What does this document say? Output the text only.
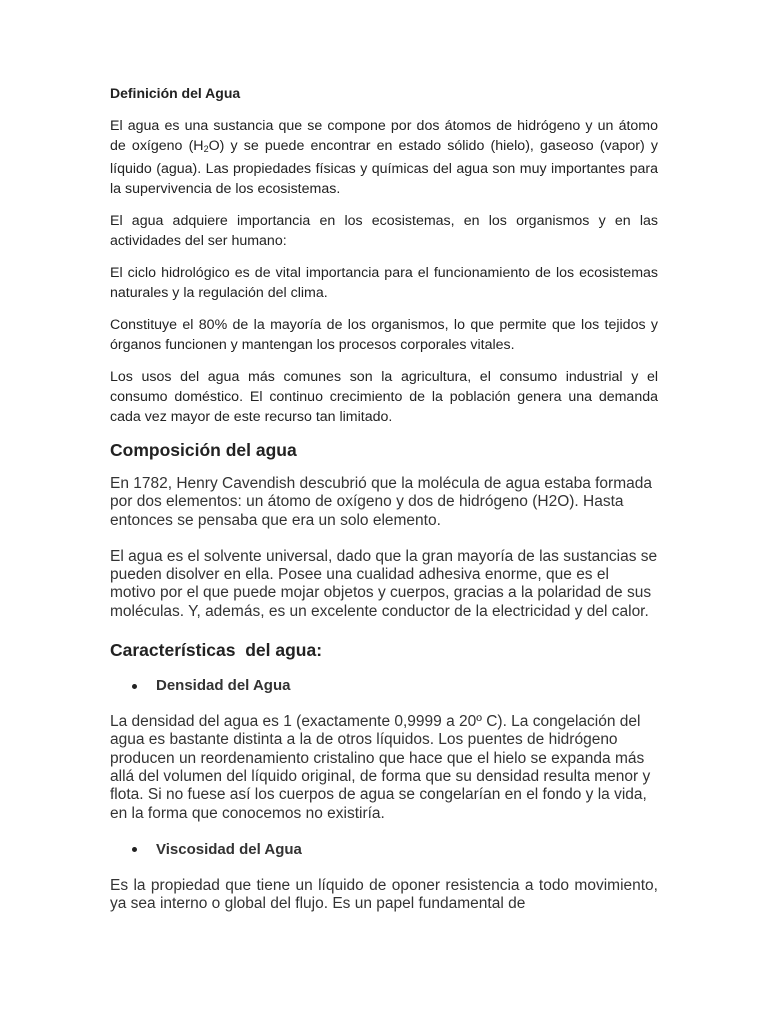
Definición del Agua

El agua es una sustancia que se compone por dos átomos de hidrógeno y un átomo de oxígeno $(H_2O)$ y se puede encontrar en estado sólido (hielo), gaseoso (vapor) y líquido (agua). Las propiedades físicas y químicas del agua son muy importantes para la supervivencia de los ecosistemas.

El agua adquiere importancia en los ecosistemas, en los organismos y en las actividades del ser humano:

El ciclo hidrológico es de vital importancia para el funcionamiento de los ecosistemas naturales y la regulación del clima.

Constituye el 80% de la mayoría de los organismos, lo que permite que los tejidos y órganos funcionen y mantengan los procesos corporales vitales.

Los usos del agua más comunes son la agricultura, el consumo industrial y el consumo doméstico. El continuo crecimiento de la población genera una demanda cada vez mayor de este recurso tan limitado.

Composición del agua

En 1782, Henry Cavendish descubrió que la molécula de agua estaba formada por dos elementos: un átomo de oxígeno y dos de hidrógeno (H2O). Hasta entonces se pensaba que era un solo elemento.

El agua es el solvente universal, dado que la gran mayoría de las sustancias se pueden disolver en ella. Posee una cualidad adhesiva enorme, que es el motivo por el que puede mojar objetos y cuerpos, gracias a la polaridad de sus moléculas. Y, además, es un excelente conductor de la electricidad y del calor.

Características  del agua:
Densidad del Agua

La densidad del agua es 1 (exactamente 0,9999 a 20º C). La congelación del agua es bastante distinta a la de otros líquidos. Los puentes de hidrógeno producen un reordenamiento cristalino que hace que el hielo se expanda más allá del volumen del líquido original, de forma que su densidad resulta menor y flota. Si no fuese así los cuerpos de agua se congelarían en el fondo y la vida, en la forma que conocemos no existiría.

Viscosidad del Agua

Es la propiedad que tiene un líquido de oponer resistencia a todo movimiento, ya sea interno o global del flujo. Es un papel fundamental de
